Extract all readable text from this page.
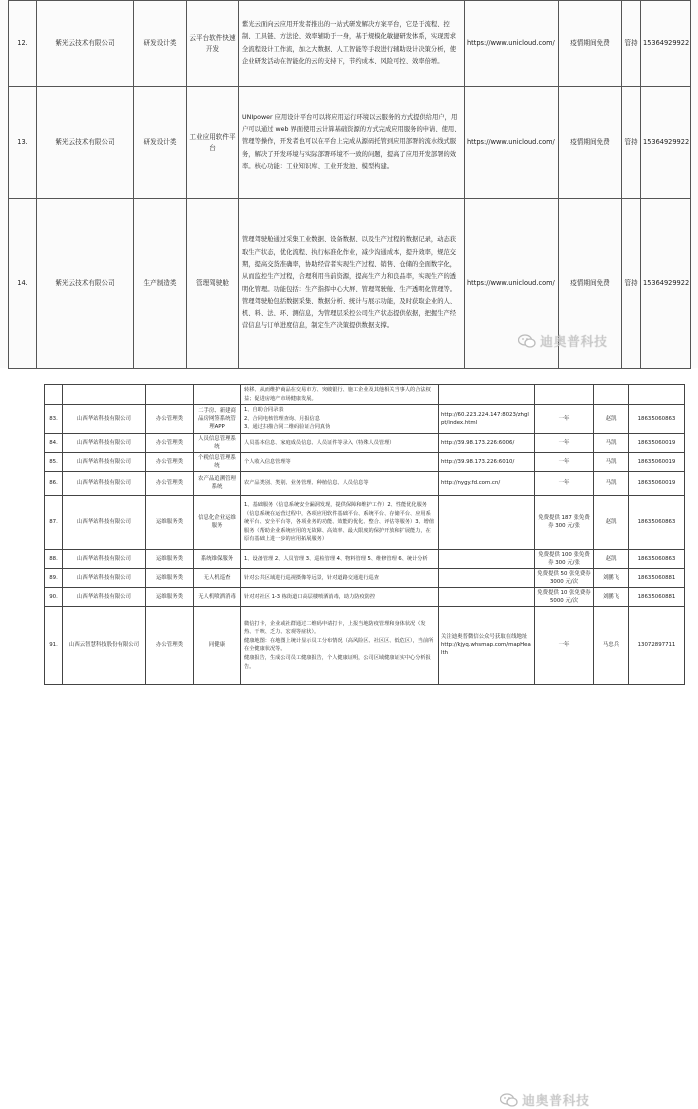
12.	紫光云技术有限公司	研发设计类	云平台软件快速开发	紫光云面向云应用开发者推出的一站式研发解决方案平台，它是于流程、控制、工具链、方法论、效率辅助于一身，基于规模化敏捷研发体系，实现需求全流程设计工作流，加之大数据、人工智能等手段进行辅助设计决策分析，使企业研发活动在智能化的云的支持下，节约成本、风险可控、效率倍增。	https://www.unicloud.com/	疫情期间免费	管持	15364929922
13.	紫光云技术有限公司	研发设计类	工业应用软件平台	UNIpower 应用设计平台可以将应用运行环境以云服务的方式提供给用户，用户可以通过 web 界面使用云计算基础资源的方式完成应用服务的申请、使用、管理等操作，开发者也可以在平台上完成从源码托管到应用部署的流水线式服务，解决了开发环境与实际部署环境不一致的问题，提高了应用开发部署的效率。核心功能：工业知识库、工业开发池、模型构建。	https://www.unicloud.com/	疫情期间免费	管持	15364929922
14.	紫光云技术有限公司	生产制造类	管理驾驶舱	管理驾驶舱通过采集工业数据、设备数据、以及生产过程的数据记录，动态获取生产状态，优化流程、执行标准化作业，减少沟通成本，提升效率，规范交期，提高交货准确率，协助经营者实现生产过程、销售、仓储的全面数字化，从而监控生产过程，合理利用当前资源，提高生产力和良品率，实现生产的透明化管理。功能包括：生产指挥中心大屏、管理驾驶舱、生产透明化管理等。管理驾驶舱包括数据采集、数据分析、统计与展示功能，及时获取企业的人、机、料、法、环、测信息，为管理层采控公司生产状态提供依据，把握生产经营信息与订单进度信息，制定生产决策提供数据支撑。	https://www.unicloud.com/	疫情期间免费	管持	15364929922
迪奥普科技
				转移、从而维护商品在交易市方、突破银行、施工企业及其他相关当事人的合法权益；促进房地产市场健康发展。				
83.	山西华站科技有限公司	办公管理类	二手房、新建商品房网签系统管理APP	1、自助合同录表
2、合同电核管理查询、月报信息
3、通过扫描合同二维码验证合同真伪	http://60.223.224.147:8023/zhglpt/index.html	一年	赵凯	18635060863
84.	山西华站科技有限公司	办公管理类	人员信息管理系统	人员基本信息、家庭成员信息、人员证件等录入（特殊人员管理）	http://39.98.173.226:6006/	一年	马凯	18635060019
85.	山西华站科技有限公司	办公管理类	个税信息管理系统	个人收入信息管理等	http://39.98.173.226:6010/	一年	马凯	18635060019
86.	山西华站科技有限公司	办公管理类	农产品追溯管理系统	农产品类别、类别、业务管理、种植信息、人员信息等	http://nygy.fd.com.cn/	一年	马凯	18635060019
87.	山西华站科技有限公司	运维服务类	信息化企业运维服务	1、基础服务（信息系统安全漏洞发现，提供保障和维护工作）2、性能优化服务（信息系统在运营过程中，各项应用软件基础平台、系统平台、存储平台、应用系统平台、安全平台等，各项业务的功能、效能的优化、整合、评估等服务）3、增值服务（帮助企业系统应用的无故障、高效率、最大限度的保护开放和扩展能力，在原有基础上进一步的应用拓展服务）		免费提供 187 张免费券 300 元/张	赵凯	18635060863
88.	山西华站科技有限公司	运维服务类	系统维保服务	1、设备管理 2、人员管理 3、巡检管理 4、物料管理 5、维修管理 6、统计分析		免费提供 100 张免费券 300 元/张	赵凯	18635060863
89.	山西华站科技有限公司	运维服务类	无人机巡查	针对公共区域进行巡视摄像等远景，针对道路交通进行巡查		免费提供 50 张免费券 3000 元/次	刘鹏飞	18635060881
90.	山西华站科技有限公司	运维服务类	无人机喷洒消毒	针对对社区 1-3 栋街道口高层楼喷洒消毒，助力防疫防控		免费提供 10 张免费券 5000 元/次	刘鹏飞	18635060881
91.	山西云智慧科技股份有限公司	办公管理类	同健康	微信打卡，企业或社群通过二维码申请打卡，上报当地防疫管理和身体状况（发热、干咳、乏力、宏观等症状）。
健康地图：在地图上统计显示员工分布情况（高风险区、社区区、低危区），当前所在全健康状况等。
健康报告，生成公司员工健康报告，个人健康证明，公司区域健康证实中心分析报告。	关注迪奥普微信公众号获取在线地址 http://kjyq.whsmap.com/mapHealth	一年	马忠兵	13072897711
迪奥普科技
